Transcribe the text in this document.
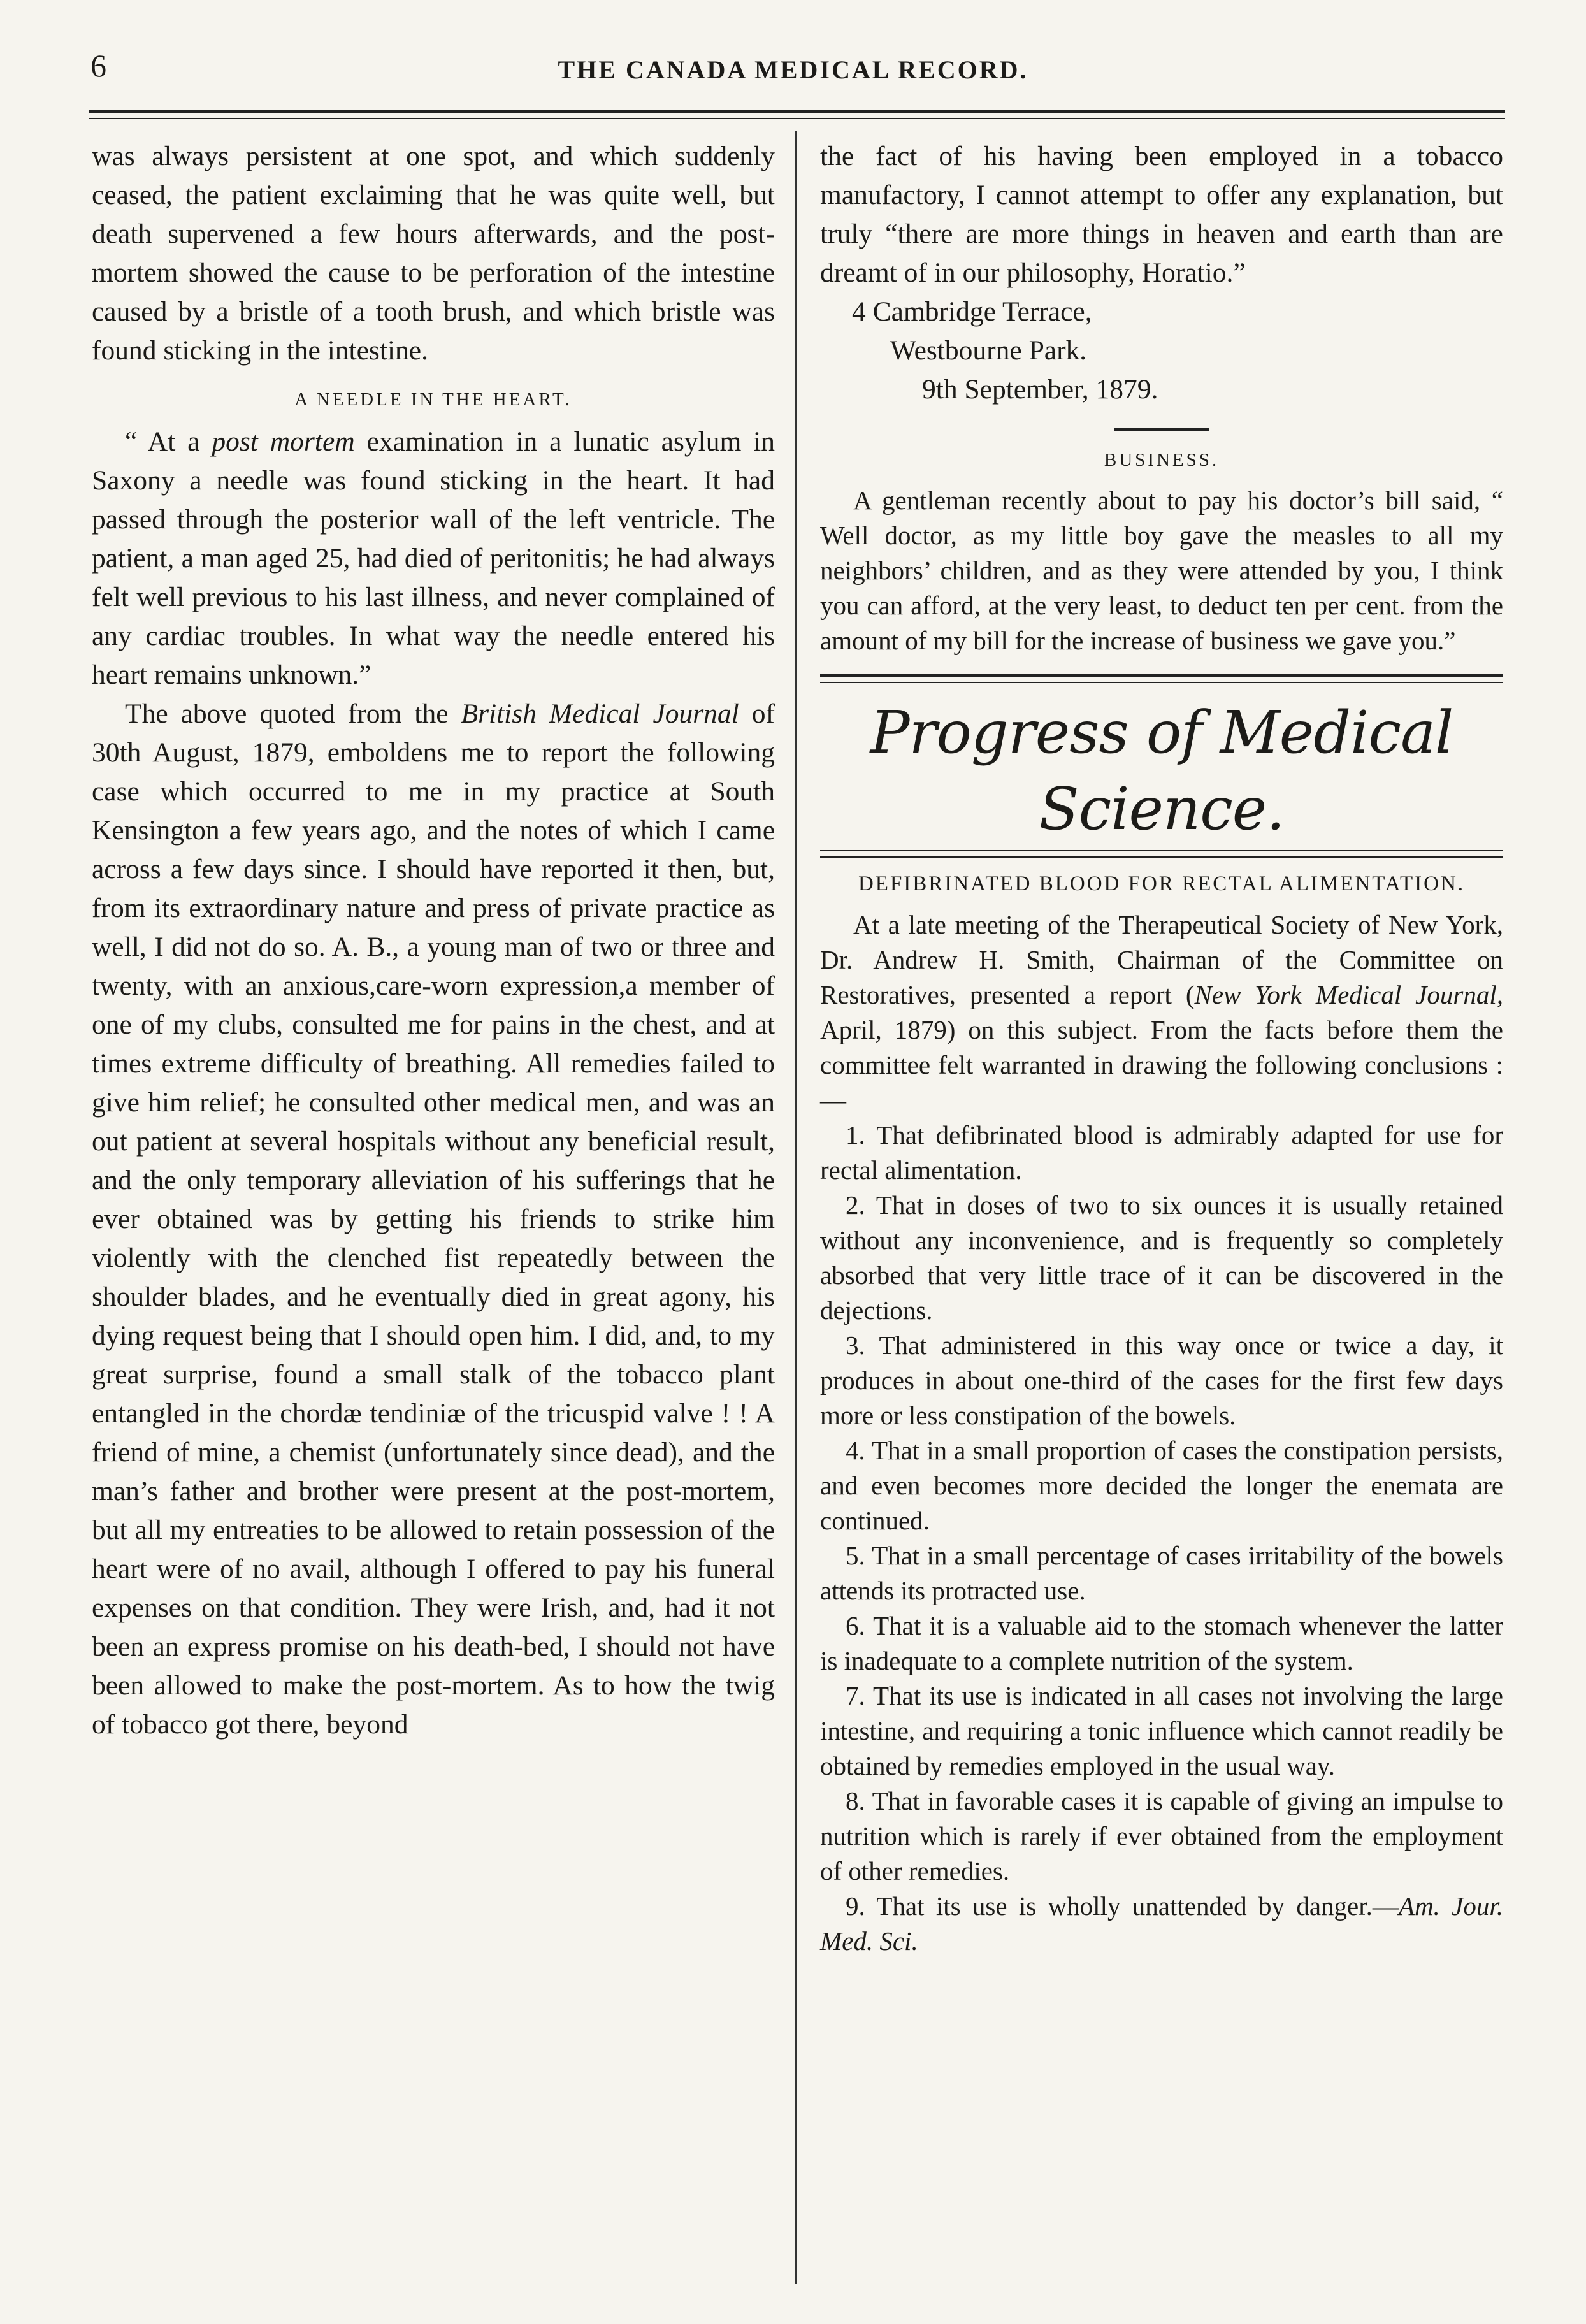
6	THE CANADA MEDICAL RECORD.

was always persistent at one spot, and which suddenly ceased, the patient exclaiming that he was quite well, but death supervened a few hours afterwards, and the post-mortem showed the cause to be perforation of the intestine caused by a bristle of a tooth brush, and which bristle was found sticking in the intestine.

A NEEDLE IN THE HEART.

“ At a post mortem examination in a lunatic asylum in Saxony a needle was found sticking in the heart. It had passed through the posterior wall of the left ventricle. The patient, a man aged 25, had died of peritonitis; he had always felt well previous to his last illness, and never complained of any cardiac troubles. In what way the needle entered his heart remains unknown.”

The above quoted from the British Medical Journal of 30th August, 1879, emboldens me to report the following case which occurred to me in my practice at South Kensington a few years ago, and the notes of which I came across a few days since. I should have reported it then, but, from its extraordinary nature and press of private practice as well, I did not do so. A. B., a young man of two or three and twenty, with an anxious,care-worn expression,a member of one of my clubs, consulted me for pains in the chest, and at times extreme difficulty of breathing. All remedies failed to give him relief; he consulted other medical men, and was an out patient at several hospitals without any beneficial result, and the only temporary alleviation of his sufferings that he ever obtained was by getting his friends to strike him violently with the clenched fist repeatedly between the shoulder blades, and he eventually died in great agony, his dying request being that I should open him. I did, and, to my great surprise, found a small stalk of the tobacco plant entangled in the chordæ tendiniæ of the tricuspid valve ! ! A friend of mine, a chemist (unfortunately since dead), and the man’s father and brother were present at the post-mortem, but all my entreaties to be allowed to retain possession of the heart were of no avail, although I offered to pay his funeral expenses on that condition. They were Irish, and, had it not been an express promise on his death-bed, I should not have been allowed to make the post-mortem. As to how the twig of tobacco got there, beyond

the fact of his having been employed in a tobacco manufactory, I cannot attempt to offer any explanation, but truly “there are more things in heaven and earth than are dreamt of in our philosophy, Horatio.”

4 Cambridge Terrace,
Westbourne Park.
9th September, 1879.
BUSINESS.

A gentleman recently about to pay his doctor’s bill said, “ Well doctor, as my little boy gave the measles to all my neighbors’ children, and as they were attended by you, I think you can afford, at the very least, to deduct ten per cent. from the amount of my bill for the increase of business we gave you.”

Progress of Medical Science.
DEFIBRINATED BLOOD FOR RECTAL ALIMENTATION.

At a late meeting of the Therapeutical Society of New York, Dr. Andrew H. Smith, Chairman of the Committee on Restoratives, presented a report (New York Medical Journal, April, 1879) on this subject. From the facts before them the committee felt warranted in drawing the following conclusions :—

1. That defibrinated blood is admirably adapted for use for rectal alimentation.
2. That in doses of two to six ounces it is usually retained without any inconvenience, and is frequently so completely absorbed that very little trace of it can be discovered in the dejections.
3. That administered in this way once or twice a day, it produces in about one-third of the cases for the first few days more or less constipation of the bowels.
4. That in a small proportion of cases the constipation persists, and even becomes more decided the longer the enemata are continued.
5. That in a small percentage of cases irritability of the bowels attends its protracted use.
6. That it is a valuable aid to the stomach whenever the latter is inadequate to a complete nutrition of the system.
7. That its use is indicated in all cases not involving the large intestine, and requiring a tonic influence which cannot readily be obtained by remedies employed in the usual way.
8. That in favorable cases it is capable of giving an impulse to nutrition which is rarely if ever obtained from the employment of other remedies.
9. That its use is wholly unattended by danger.—Am. Jour. Med. Sci.
